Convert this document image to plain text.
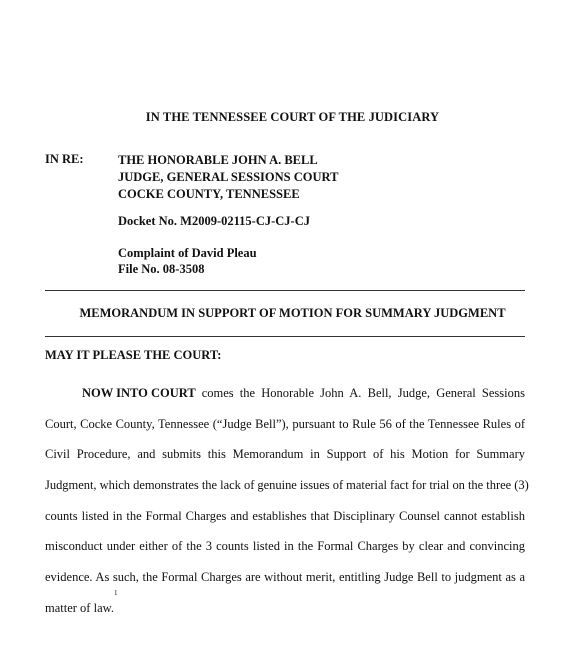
IN THE TENNESSEE COURT OF THE JUDICIARY
IN RE:	THE HONORABLE JOHN A. BELL
JUDGE, GENERAL SESSIONS COURT
COCKE COUNTY, TENNESSEE
Docket No. M2009-02115-CJ-CJ-CJ
Complaint of David Pleau
File No. 08-3508
MEMORANDUM IN SUPPORT OF MOTION FOR SUMMARY JUDGMENT
MAY IT PLEASE THE COURT:
NOW INTO COURT comes the Honorable John A. Bell, Judge, General Sessions
Court, Cocke County, Tennessee (“Judge Bell”), pursuant to Rule 56 of the Tennessee Rules of
Civil Procedure, and submits this Memorandum in Support of his Motion for Summary
Judgment, which demonstrates the lack of genuine issues of material fact for trial on the three (3)
counts listed in the Formal Charges and establishes that Disciplinary Counsel cannot establish
misconduct under either of the 3 counts listed in the Formal Charges by clear and convincing
evidence. As such, the Formal Charges are without merit, entitling Judge Bell to judgment as a
matter of law.
1
